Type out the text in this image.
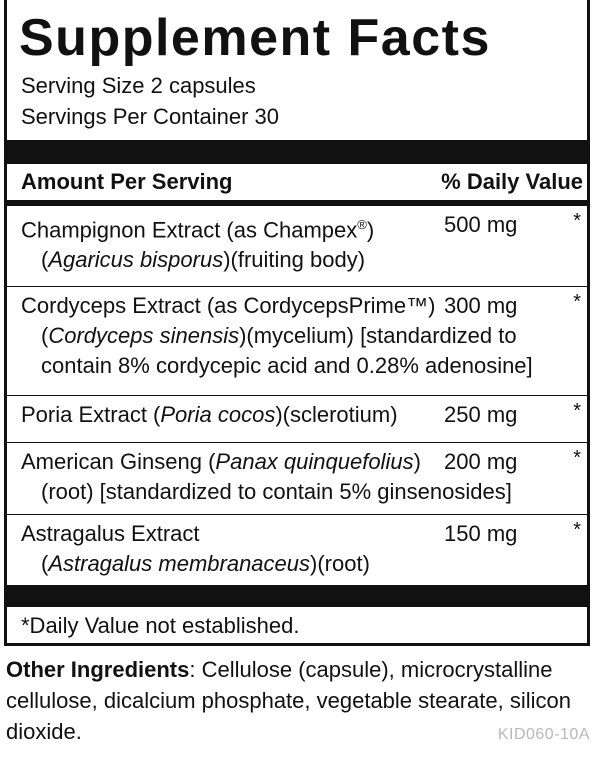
Supplement Facts
Serving Size 2 capsules
Servings Per Container 30
Amount Per Serving	% Daily Value
Champignon Extract (as Champex®)
(Agaricus bisporus)(fruiting body)
500 mg	*
Cordyceps Extract (as CordycepsPrime™)
(Cordyceps sinensis)(mycelium) [standardized to
contain 8% cordycepic acid and 0.28% adenosine]
300 mg	*
Poria Extract (Poria cocos)(sclerotium) 250 mg	*
American Ginseng (Panax quinquefolius)
(root) [standardized to contain 5% ginsenosides]
200 mg	*
Astragalus Extract
(Astragalus membranaceus)(root)
150 mg	*
*Daily Value not established.
Other Ingredients: Cellulose (capsule), microcrystalline cellulose, dicalcium phosphate, vegetable stearate, silicon dioxide.	KID060-10A
